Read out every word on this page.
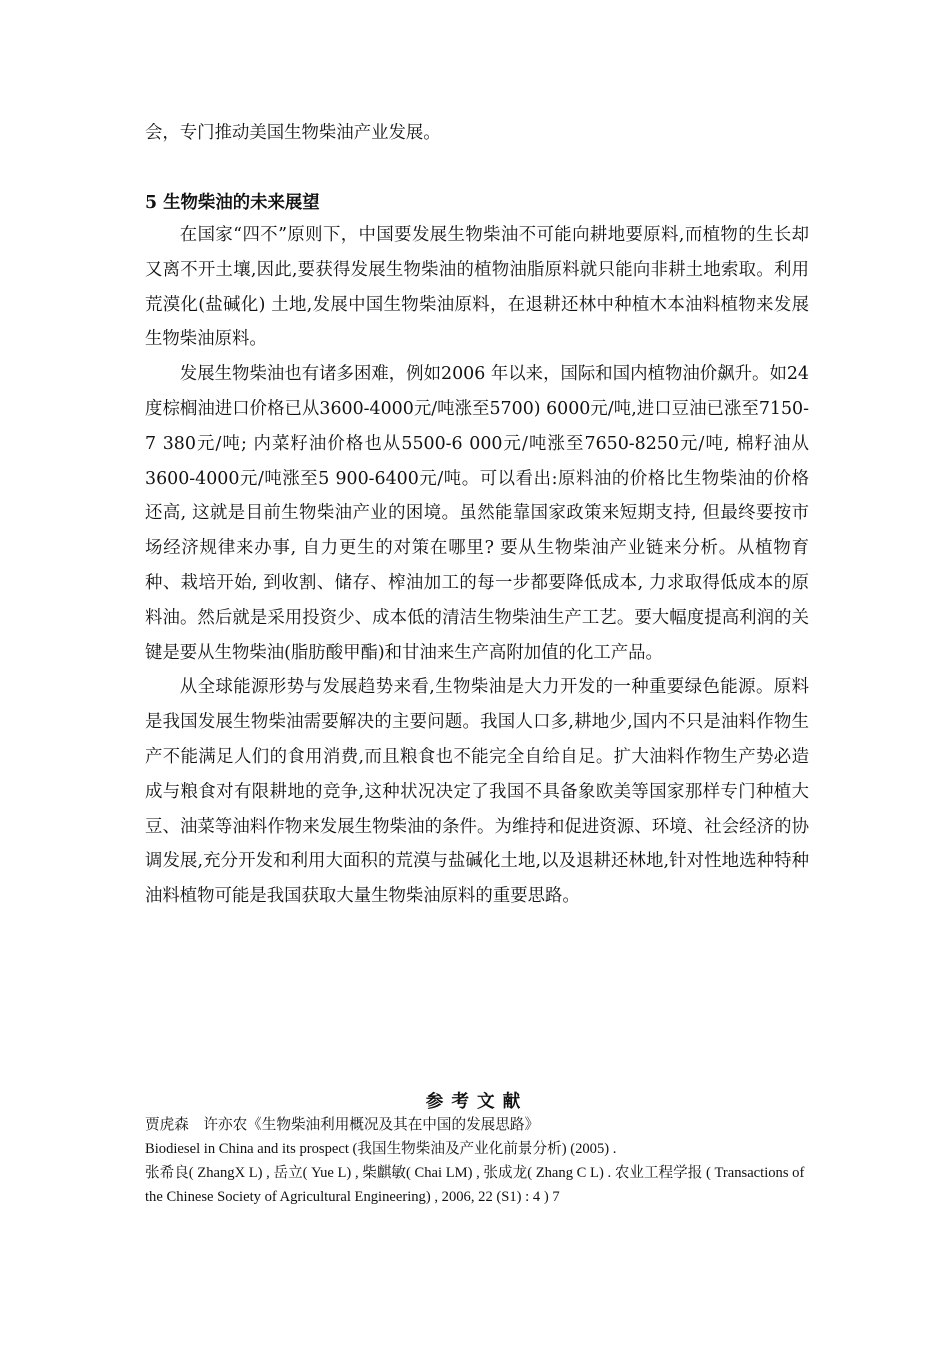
会，专门推动美国生物柴油产业发展。

5 生物柴油的未来展望

在国家“四不”原则下，中国要发展生物柴油不可能向耕地要原料,而植物的生长却又离不开土壤,因此,要获得发展生物柴油的植物油脂原料就只能向非耕土地索取。利用荒漠化(盐碱化) 土地,发展中国生物柴油原料，在退耕还林中种植木本油料植物来发展生物柴油原料。

发展生物柴油也有诸多困难，例如2006 年以来，国际和国内植物油价飙升。如24度棕榈油进口价格已从3600-4000元/吨涨至5700) 6000元/吨,进口豆油已涨至7150-7 380元/吨; 内菜籽油价格也从5500-6 000元/吨涨至7650-8250元/吨, 棉籽油从3600-4000元/吨涨至5 900-6400元/吨。可以看出:原料油的价格比生物柴油的价格还高, 这就是目前生物柴油产业的困境。虽然能靠国家政策来短期支持, 但最终要按市场经济规律来办事, 自力更生的对策在哪里? 要从生物柴油产业链来分析。从植物育种、栽培开始, 到收割、储存、榨油加工的每一步都要降低成本, 力求取得低成本的原料油。然后就是采用投资少、成本低的清洁生物柴油生产工艺。要大幅度提高利润的关键是要从生物柴油(脂肪酸甲酯)和甘油来生产高附加值的化工产品。

从全球能源形势与发展趋势来看,生物柴油是大力开发的一种重要绿色能源。原料是我国发展生物柴油需要解决的主要问题。我国人口多,耕地少,国内不只是油料作物生产不能满足人们的食用消费,而且粮食也不能完全自给自足。扩大油料作物生产势必造成与粮食对有限耕地的竞争,这种状况决定了我国不具备象欧美等国家那样专门种植大豆、油菜等油料作物来发展生物柴油的条件。为维持和促进资源、环境、社会经济的协调发展,充分开发和利用大面积的荒漠与盐碱化土地,以及退耕还林地,针对性地选种特种油料植物可能是我国获取大量生物柴油原料的重要思路。

参考文献

贾虎森　许亦农《生物柴油利用概况及其在中国的发展思路》

Biodiesel in China and its prospect (我国生物柴油及产业化前景分析) (2005) .

张希良( ZhangX L) , 岳立( Yue L) , 柴麒敏( Chai LM) , 张成龙( Zhang C L) . 农业工程学报 ( Transactions of the Chinese Society of Agricultural Engineering) , 2006, 22 (S1) : 4 ) 7
